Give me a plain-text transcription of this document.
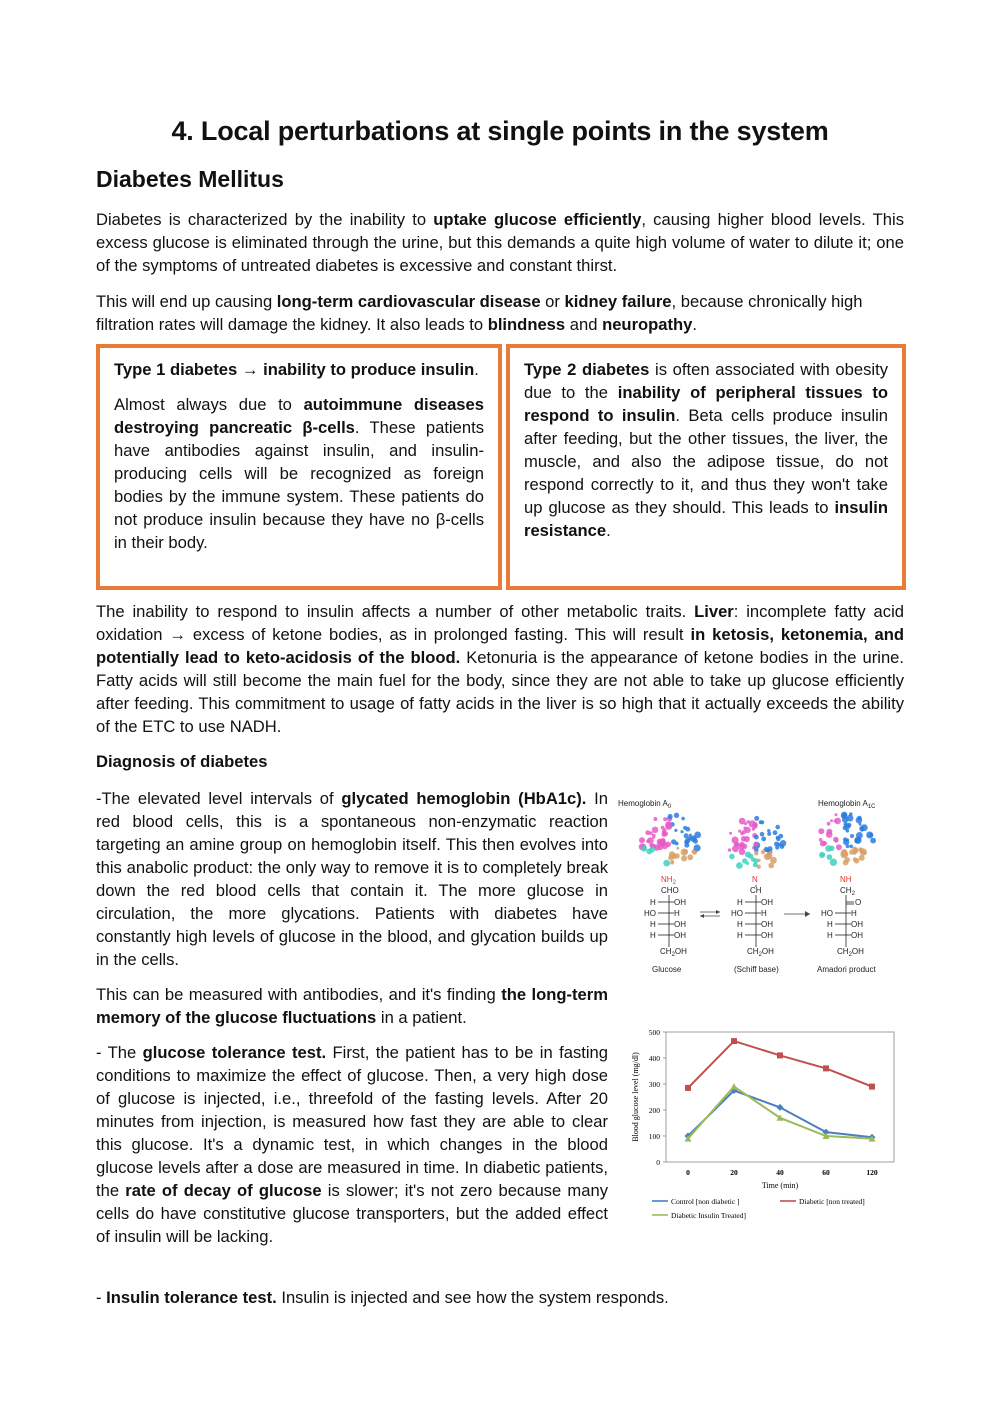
4. Local perturbations at single points in the system
Diabetes Mellitus

Diabetes is characterized by the inability to uptake glucose efficiently, causing higher blood levels. This excess glucose is eliminated through the urine, but this demands a quite high volume of water to dilute it; one of the symptoms of untreated diabetes is excessive and constant thirst.

This will end up causing long-term cardiovascular disease or kidney failure, because chronically high filtration rates will damage the kidney. It also leads to blindness and neuropathy.

Type 1 diabetes → inability to produce insulin.

Almost always due to autoimmune diseases destroying pancreatic β-cells. These patients have antibodies against insulin, and insulin-producing cells will be recognized as foreign bodies by the immune system. These patients do not produce insulin because they have no β-cells in their body.

Type 2 diabetes is often associated with obesity due to the inability of peripheral tissues to respond to insulin. Beta cells produce insulin after feeding, but the other tissues, the liver, the muscle, and also the adipose tissue, do not respond correctly to it, and thus they won't take up glucose as they should. This leads to insulin resistance.

The inability to respond to insulin affects a number of other metabolic traits. Liver: incomplete fatty acid oxidation → excess of ketone bodies, as in prolonged fasting. This will result in ketosis, ketonemia, and potentially lead to keto-acidosis of the blood. Ketonuria is the appearance of ketone bodies in the urine. Fatty acids will still become the main fuel for the body, since they are not able to take up glucose efficiently after feeding. This commitment to usage of fatty acids in the liver is so high that it actually exceeds the ability of the ETC to use NADH.

Diagnosis of diabetes

-The elevated level intervals of glycated hemoglobin (HbA1c). In red blood cells, this is a spontaneous non-enzymatic reaction targeting an amine group on hemoglobin itself. This then evolves into this anabolic product: the only way to remove it is to completely break down the red blood cells that contain it. The more glucose in circulation, the more glycations. Patients with diabetes have constantly high levels of glucose in the blood, and glycation builds up in the cells.

This can be measured with antibodies, and it's finding the long-term memory of the glucose fluctuations in a patient.

- The glucose tolerance test. First, the patient has to be in fasting conditions to maximize the effect of glucose. Then, a very high dose of glucose is injected, i.e., threefold of the fasting levels. After 20 minutes from injection, is measured how fast they are able to clear this glucose. It's a dynamic test, in which changes in the blood glucose levels after a dose are measured in time. In diabetic patients, the rate of decay of glucose is slower; it's not zero because many cells do have constitutive glucose transporters, but the added effect of insulin will be lacking.

- Insulin tolerance test. Insulin is injected and see how the system responds.

Hemoglobin $A_0$	Hemoglobin $A_{1C}$
$NH_2$	N	NH
CHO
H OH
HO H
H OH
H OH
$CH_2OH$
Glucose
CH
H OH
HO H
H OH
H OH
$CH_2OH$
(Schiff base)
$CH_2$
O
HO H
H OH
H OH
$CH_2OH$
Amadori product
0
100
200
300
400
500
0	20	40	60	120
Blood glucose level (mg/dl)
Time (min)
Control [non diabetic ]	Diabetic [non treated]
Diabetic Insulin Treated]
